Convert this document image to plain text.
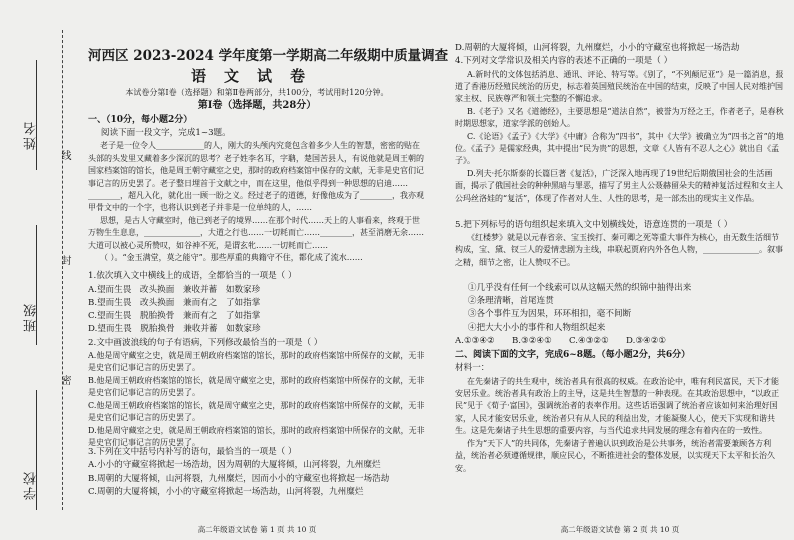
姓名
班级
学校
线
封
密
河西区 2023-2024 学年度第一学期高二年级期中质量调查
语文试卷
本试卷分第Ⅰ卷（选择题）和第Ⅱ卷两部分，共100分，考试用时120分钟。
第Ⅰ卷（选择题，共28分）
一、（10分，每小题2分）

阅读下面一段文字，完成1~3题。

老子是一位令人____________的人，刚大的头颅内究竟包含着多少人生的智慧，密密的贴在头部的头发里又藏着多少深沉的思考？老子姓李名耳，字聃，楚国苦县人，有说他就是周王朝的国家档案馆的馆长，他是周王朝守藏室之史，那时的政府档案馆中保存的文献，无非是史官们记事记言的历史罢了。老子整日埋首于文献之中，而在这里，他似乎得到一种思想的启迪……________，超凡入化，就化出一顾一盼之义。经过老子的道德，好像他成为了________，我亦观甲骨文中的一个字，也将认识到老子并非是一位单纯的人，……

思想，是古人守藏室时，他已到老子的境界……在那个时代……天上的人事看来，终观于世万物生生息息，______________，大道之行也……一切耗而亡……________，甚至消磨无余……大道可以被心灵所赞叹，如谷神不死，是谓玄牝……一切耗而亡……

（ ）。“金玉满堂，莫之能守”。那些厚重的典籍守不住，都化成了流水……

1.依次填入文中横线上的成语，全都恰当的一项是（ ）

A.望而生畏　改头换面　兼收并蓄　如数家珍

B.望而生畏　改头换面　兼而有之　了如指掌

C.望而生畏　脱胎换骨　兼而有之　了如指掌

D.望而生畏　脱胎换骨　兼收并蓄　如数家珍

2.文中画波浪线的句子有语病，下列修改最恰当的一项是（ ）

A.他是周守藏室之史，就是周王朝政府档案馆的馆长，那时的政府档案馆中所保存的文献，无非是史官们记事记言的历史罢了。

B.他是周王朝政府档案馆的馆长，就是周守藏室之史，那时的政府档案馆中所保存的文献，无非是史官们记事记言的历史罢了。

C.他是周王朝政府档案馆的馆长，就是周守藏室之史，那时的政府档案馆中所保存的文献，无非是史官们记事记言的历史罢了。

D.他是周守藏室之史，就是周王朝政府档案馆的馆长，那时的政府档案馆中所保存的文献，无非是史官们记事记言的历史罢了。

3.下列在文中括号内补写的语句，最恰当的一项是（ ）

A.小小的守藏室将掀起一场浩劫，因为周朝的大厦将倾，山河将裂，九州糜烂

B.周朝的大厦将倾，山河将裂，九州糜烂，因而小小的守藏室也将掀起一场浩劫

C.周朝的大厦将倾，小小的守藏室将掀起一场浩劫，山河将裂，九州糜烂

高二年级语文试卷 第 1 页 共 10 页

D.周朝的大厦将倾，山河将裂，九州糜烂，小小的守藏室也将掀起一场浩劫

4.下列对文学常识及相关内容的表述不正确的一项是（ ）

A.新时代的文体包括消息、通讯、评论、特写等。《别了，“不列颠尼亚”》是一篇消息，报道了香港历经殖民统治的历史，标志着英国殖民统治在中国的结束，反映了中国人民对维护国家主权、民族尊严和领土完整的不懈追求。

B.《老子》又名《道德经》，主要思想是“道法自然”，被誉为万经之王，作者老子，是春秋时期思想家，道家学派的创始人。

C.《论语》《孟子》《大学》《中庸》合称为“四书”，其中《大学》被确立为“四书之首”的地位。《孟子》是儒家经典，其中提出“民为贵”的思想，文章《人皆有不忍人之心》就出自《孟子》。

D.列夫·托尔斯泰的长篇巨著《复活》，广泛深入地再现了19世纪后期俄国社会的生活画面，揭示了俄国社会的种种黑暗与罪恶，描写了男主人公聂赫留朵夫的精神复活过程和女主人公玛丝洛娃的“复活”，体现了作者对人生、人性的思考，是一部杰出的现实主义作品。

5.把下列标号的语句组织起来填入文中划横线处，语意连贯的一项是（ ）

《红楼梦》就是以元春省亲、宝玉挨打、秦可卿之死等重大事件为核心，由无数生活细节构成，宝、黛、钗三人的爱情悲剧为主线，串联起贾府内外各色人物，______________。叙事之精，细节之密，让人赞叹不已。

①几乎没有任何一个线索可以从这幅天然的织锦中抽得出来

②条理清晰，首尾连贯

③各个事件互为因果，环环相扣，毫不间断

④把大大小小的事件和人物组织起来

A.①③④②　　B.③②④①　　C.④③②①　　D.③④②①

二、阅读下面的文字，完成6~8题。（每小题2分，共6分）

材料一：

在先秦诸子的共生观中，统治者具有很高的权威。在政治论中，唯有利民富民，天下才能安居乐业。统治者具有政治上的主导，这是共生智慧的一种表现。在其政治思想中，“以政正民”见于《荀子·富国》，强调统治者的表率作用。这些话语强调了统治者应该如何来治理好国家，人民才能安居乐业，统治者只有从人民的利益出发，才能凝聚人心，使天下实现和谐共生。这是先秦诸子共生思想的重要内容，与当代追求共同发展的理念有着内在的一致性。

作为“天下人”的共同体，先秦诸子普遍认识到政治是公共事务，统治者需要兼顾各方利益，统治者必须遵循规律，顺应民心，不断推进社会的整体发展，以实现天下太平和长治久安。

高二年级语文试卷 第 2 页 共 10 页
